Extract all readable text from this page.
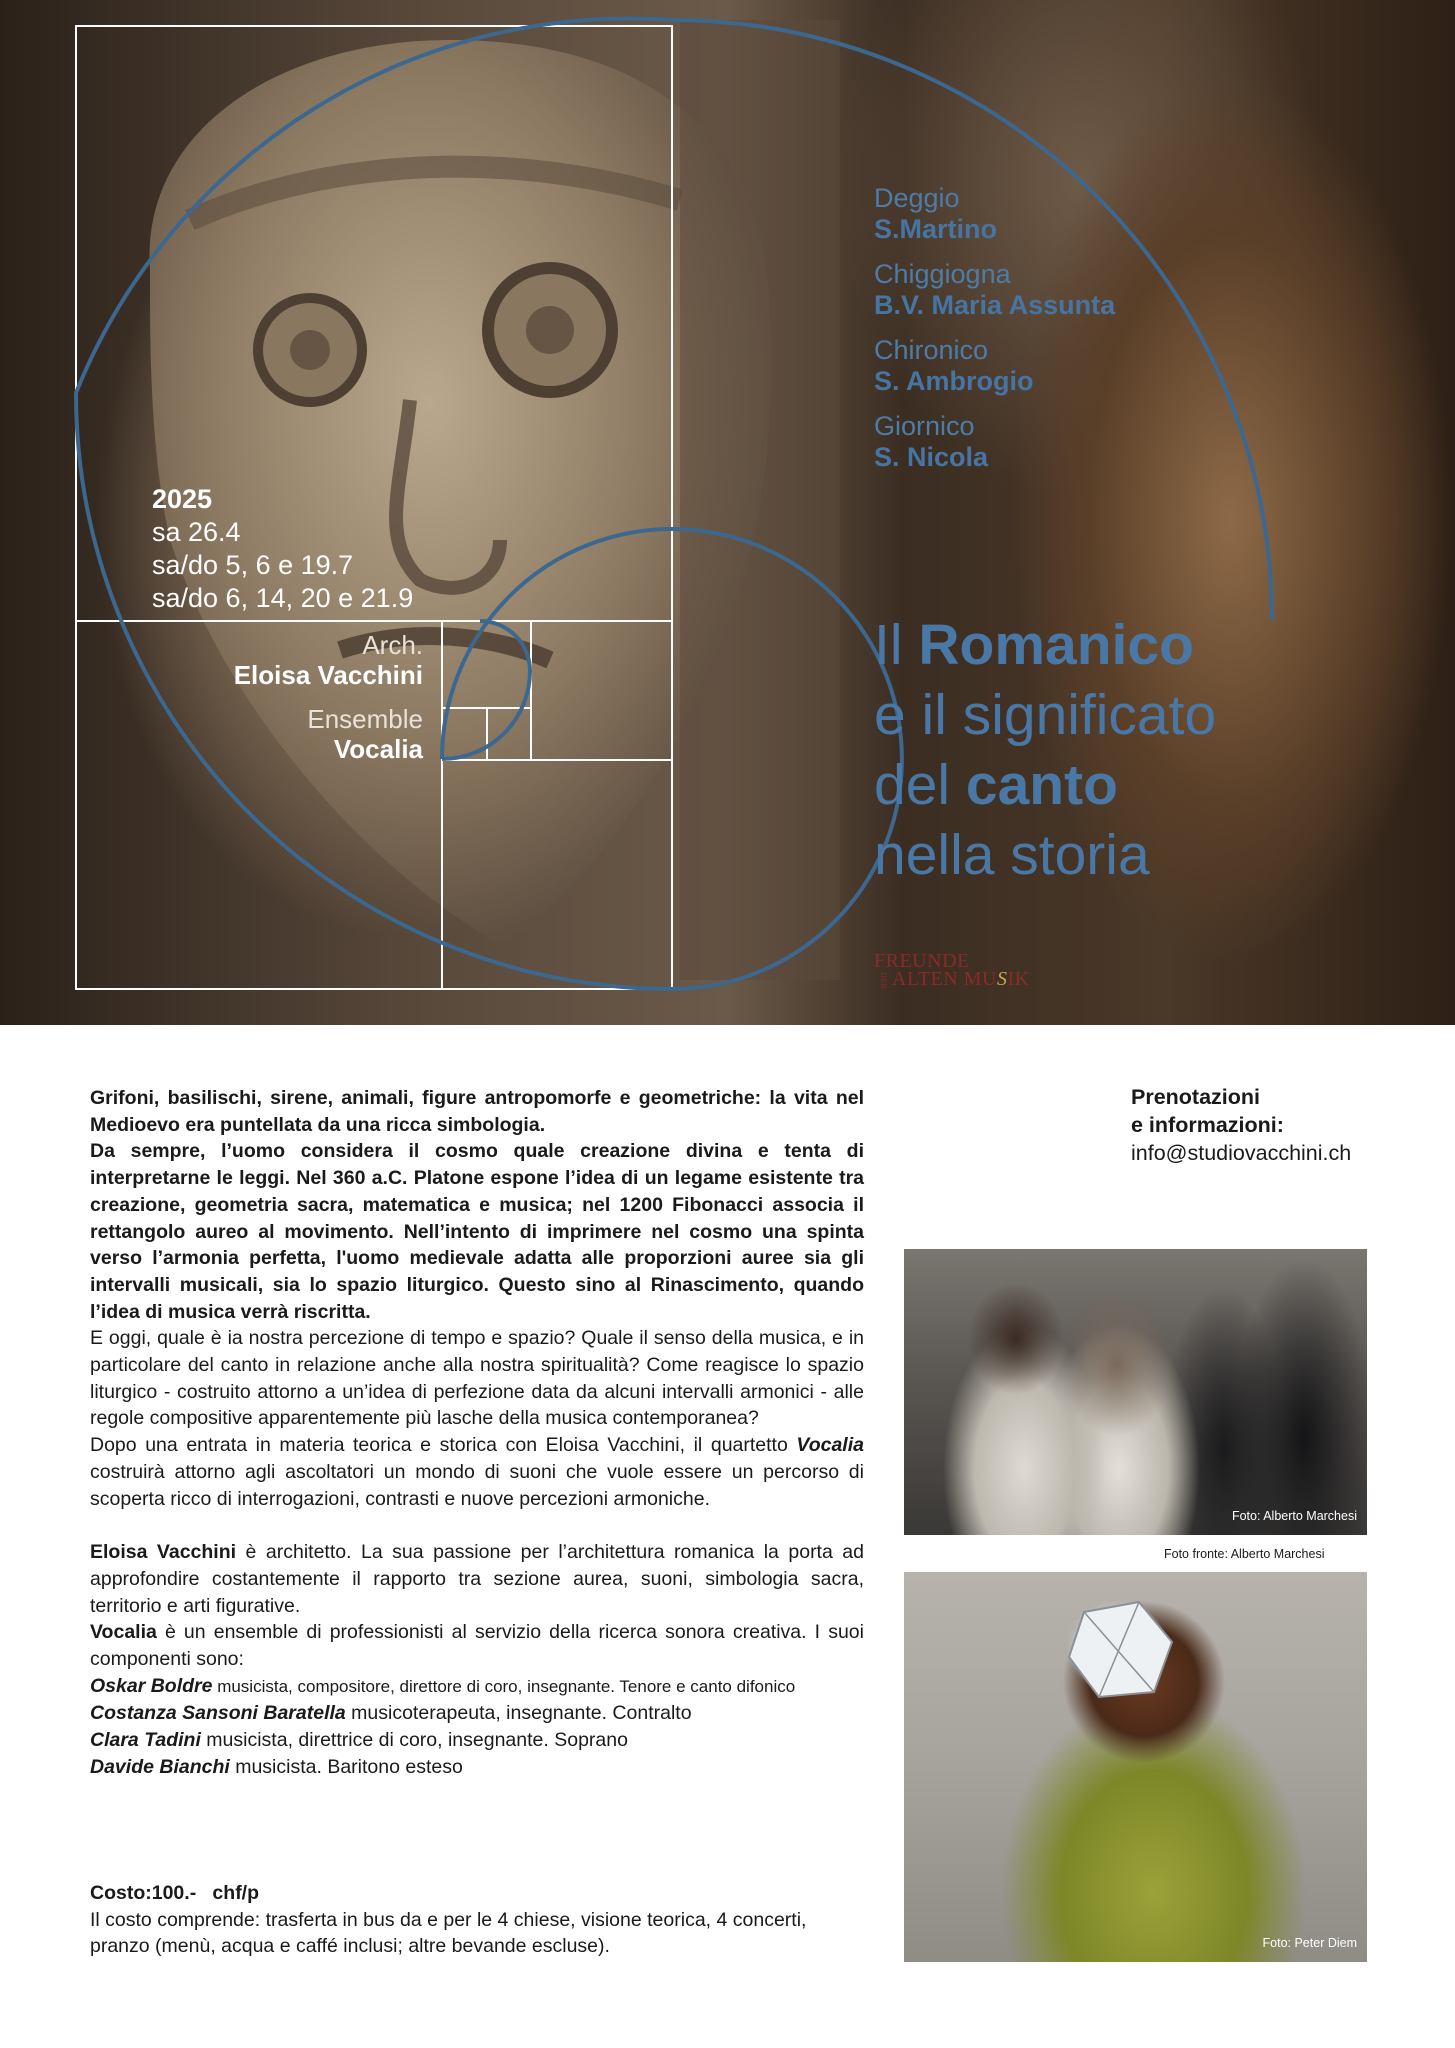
2025
sa 26.4
sa/do 5, 6 e 19.7
sa/do 6, 14, 20 e 21.9
Arch.
Eloisa Vacchini
Ensemble
Vocalia
Deggio
S.Martino
Chiggiogna
B.V. Maria Assunta
Chironico
S. Ambrogio
Giornico
S. Nicola
Il Romanico
e il significato
del canto
nella storia
FREUNDE
DER ALTEN MUSIK

Grifoni, basilischi, sirene, animali, figure antropomorfe e geometriche: la vita nel Medioevo era puntellata da una ricca simbologia.

Da sempre, l’uomo considera il cosmo quale creazione divina e tenta di interpretarne le leggi. Nel 360 a.C. Platone espone l’idea di un legame esistente tra creazione, geometria sacra, matematica e musica; nel 1200 Fibonacci associa il rettangolo aureo al movimento. Nell’intento di imprimere nel cosmo una spinta verso l’armonia perfetta, l'uomo medievale adatta alle proporzioni auree sia gli intervalli musicali, sia lo spazio liturgico. Questo sino al Rinascimento, quando l’idea di musica verrà riscritta.

E oggi, quale è ia nostra percezione di tempo e spazio? Quale il senso della musica, e in particolare del canto in relazione anche alla nostra spiritualità? Come reagisce lo spazio liturgico - costruito attorno a un’idea di perfezione data da alcuni intervalli armonici - alle regole compositive apparentemente più lasche della musica contemporanea?

Dopo una entrata in materia teorica e storica con Eloisa Vacchini, il quartetto Vocalia costruirà attorno agli ascoltatori un mondo di suoni che vuole essere un percorso di scoperta ricco di interrogazioni, contrasti e nuove percezioni armoniche.

Eloisa Vacchini è architetto. La sua passione per l’architettura romanica la porta ad approfondire costantemente il rapporto tra sezione aurea, suoni, simbologia sacra, territorio e arti figurative.

Vocalia è un ensemble di professionisti al servizio della ricerca sonora creativa. I suoi componenti sono:

Oskar Boldre musicista, compositore, direttore di coro, insegnante. Tenore e canto difonico

Costanza Sansoni Baratella musicoterapeuta, insegnante. Contralto

Clara Tadini musicista, direttrice di coro, insegnante. Soprano

Davide Bianchi musicista. Baritono esteso

Costo:100.-   chf/p
Il costo comprende: trasferta in bus da e per le 4 chiese, visione teorica, 4 concerti, pranzo (menù, acqua e caffé inclusi; altre bevande escluse).
Prenotazioni
e informazioni:
info@studiovacchini.ch
Foto: Alberto Marchesi
Foto fronte: Alberto Marchesi
Foto: Peter Diem
